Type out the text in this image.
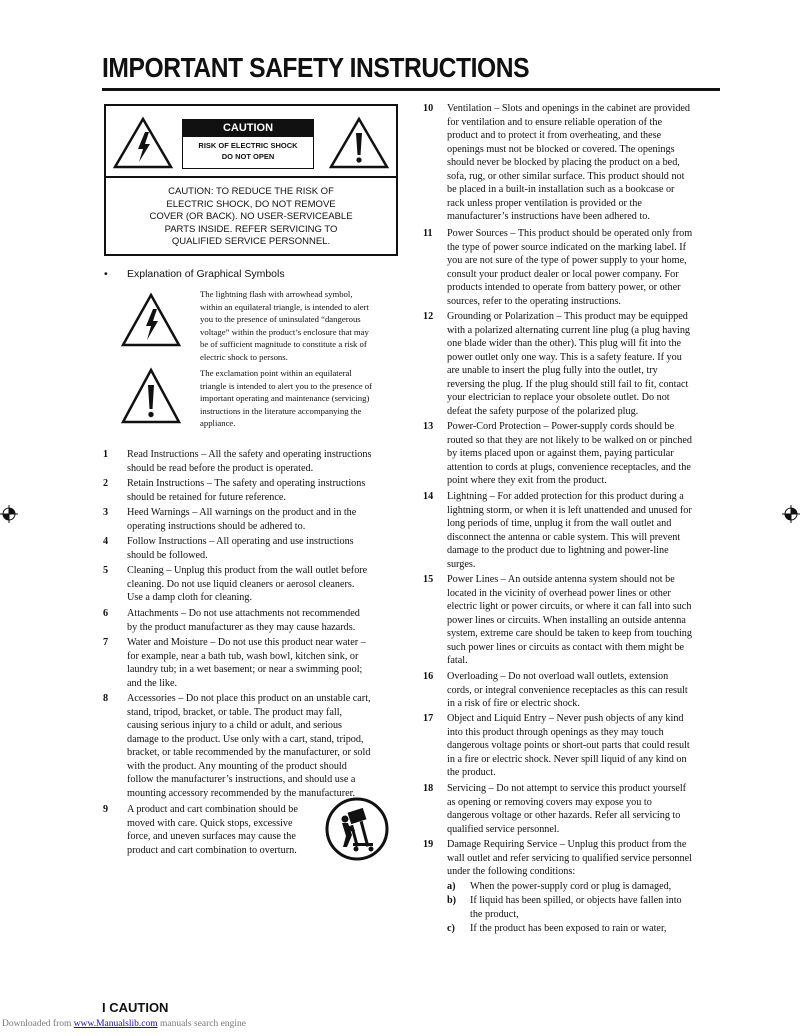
IMPORTANT SAFETY INSTRUCTIONS
CAUTION
RISK OF ELECTRIC SHOCK
DO NOT OPEN
CAUTION: TO REDUCE THE RISK OF
ELECTRIC SHOCK, DO NOT REMOVE
COVER (OR BACK). NO USER-SERVICEABLE
PARTS INSIDE. REFER SERVICING TO
QUALIFIED SERVICE PERSONNEL.
• Explanation of Graphical Symbols
The lightning flash with arrowhead symbol,
within an equilateral triangle, is intended to alert
you to the presence of uninsulated “dangerous
voltage” within the product’s enclosure that may
be of sufficient magnitude to constitute a risk of
electric shock to persons.
The exclamation point within an equilateral
triangle is intended to alert you to the presence of
important operating and maintenance (servicing)
instructions in the literature accompanying the
appliance.
1 Read Instructions – All the safety and operating instructions
should be read before the product is operated.
2 Retain Instructions – The safety and operating instructions
should be retained for future reference.
3 Heed Warnings – All warnings on the product and in the
operating instructions should be adhered to.
4 Follow Instructions – All operating and use instructions
should be followed.
5 Cleaning – Unplug this product from the wall outlet before
cleaning. Do not use liquid cleaners or aerosol cleaners.
Use a damp cloth for cleaning.
6 Attachments – Do not use attachments not recommended
by the product manufacturer as they may cause hazards.
7 Water and Moisture – Do not use this product near water –
for example, near a bath tub, wash bowl, kitchen sink, or
laundry tub; in a wet basement; or near a swimming pool;
and the like.
8 Accessories – Do not place this product on an unstable cart,
stand, tripod, bracket, or table. The product may fall,
causing serious injury to a child or adult, and serious
damage to the product. Use only with a cart, stand, tripod,
bracket, or table recommended by the manufacturer, or sold
with the product. Any mounting of the product should
follow the manufacturer’s instructions, and should use a
mounting accessory recommended by the manufacturer.
9 A product and cart combination should be
moved with care. Quick stops, excessive
force, and uneven surfaces may cause the
product and cart combination to overturn.
10 Ventilation – Slots and openings in the cabinet are provided
for ventilation and to ensure reliable operation of the
product and to protect it from overheating, and these
openings must not be blocked or covered. The openings
should never be blocked by placing the product on a bed,
sofa, rug, or other similar surface. This product should not
be placed in a built-in installation such as a bookcase or
rack unless proper ventilation is provided or the
manufacturer’s instructions have been adhered to.
11 Power Sources – This product should be operated only from
the type of power source indicated on the marking label. If
you are not sure of the type of power supply to your home,
consult your product dealer or local power company. For
products intended to operate from battery power, or other
sources, refer to the operating instructions.
12 Grounding or Polarization – This product may be equipped
with a polarized alternating current line plug (a plug having
one blade wider than the other). This plug will fit into the
power outlet only one way. This is a safety feature. If you
are unable to insert the plug fully into the outlet, try
reversing the plug. If the plug should still fail to fit, contact
your electrician to replace your obsolete outlet. Do not
defeat the safety purpose of the polarized plug.
13 Power-Cord Protection – Power-supply cords should be
routed so that they are not likely to be walked on or pinched
by items placed upon or against them, paying particular
attention to cords at plugs, convenience receptacles, and the
point where they exit from the product.
14 Lightning – For added protection for this product during a
lightning storm, or when it is left unattended and unused for
long periods of time, unplug it from the wall outlet and
disconnect the antenna or cable system. This will prevent
damage to the product due to lightning and power-line
surges.
15 Power Lines – An outside antenna system should not be
located in the vicinity of overhead power lines or other
electric light or power circuits, or where it can fall into such
power lines or circuits. When installing an outside antenna
system, extreme care should be taken to keep from touching
such power lines or circuits as contact with them might be
fatal.
16 Overloading – Do not overload wall outlets, extension
cords, or integral convenience receptacles as this can result
in a risk of fire or electric shock.
17 Object and Liquid Entry – Never push objects of any kind
into this product through openings as they may touch
dangerous voltage points or short-out parts that could result
in a fire or electric shock. Never spill liquid of any kind on
the product.
18 Servicing – Do not attempt to service this product yourself
as opening or removing covers may expose you to
dangerous voltage or other hazards. Refer all servicing to
qualified service personnel.
19 Damage Requiring Service – Unplug this product from the
wall outlet and refer servicing to qualified service personnel
under the following conditions:
a) When the power-supply cord or plug is damaged,
b) If liquid has been spilled, or objects have fallen into
the product,
c) If the product has been exposed to rain or water,
I CAUTION
Downloaded from www.Manualslib.com manuals search engine
